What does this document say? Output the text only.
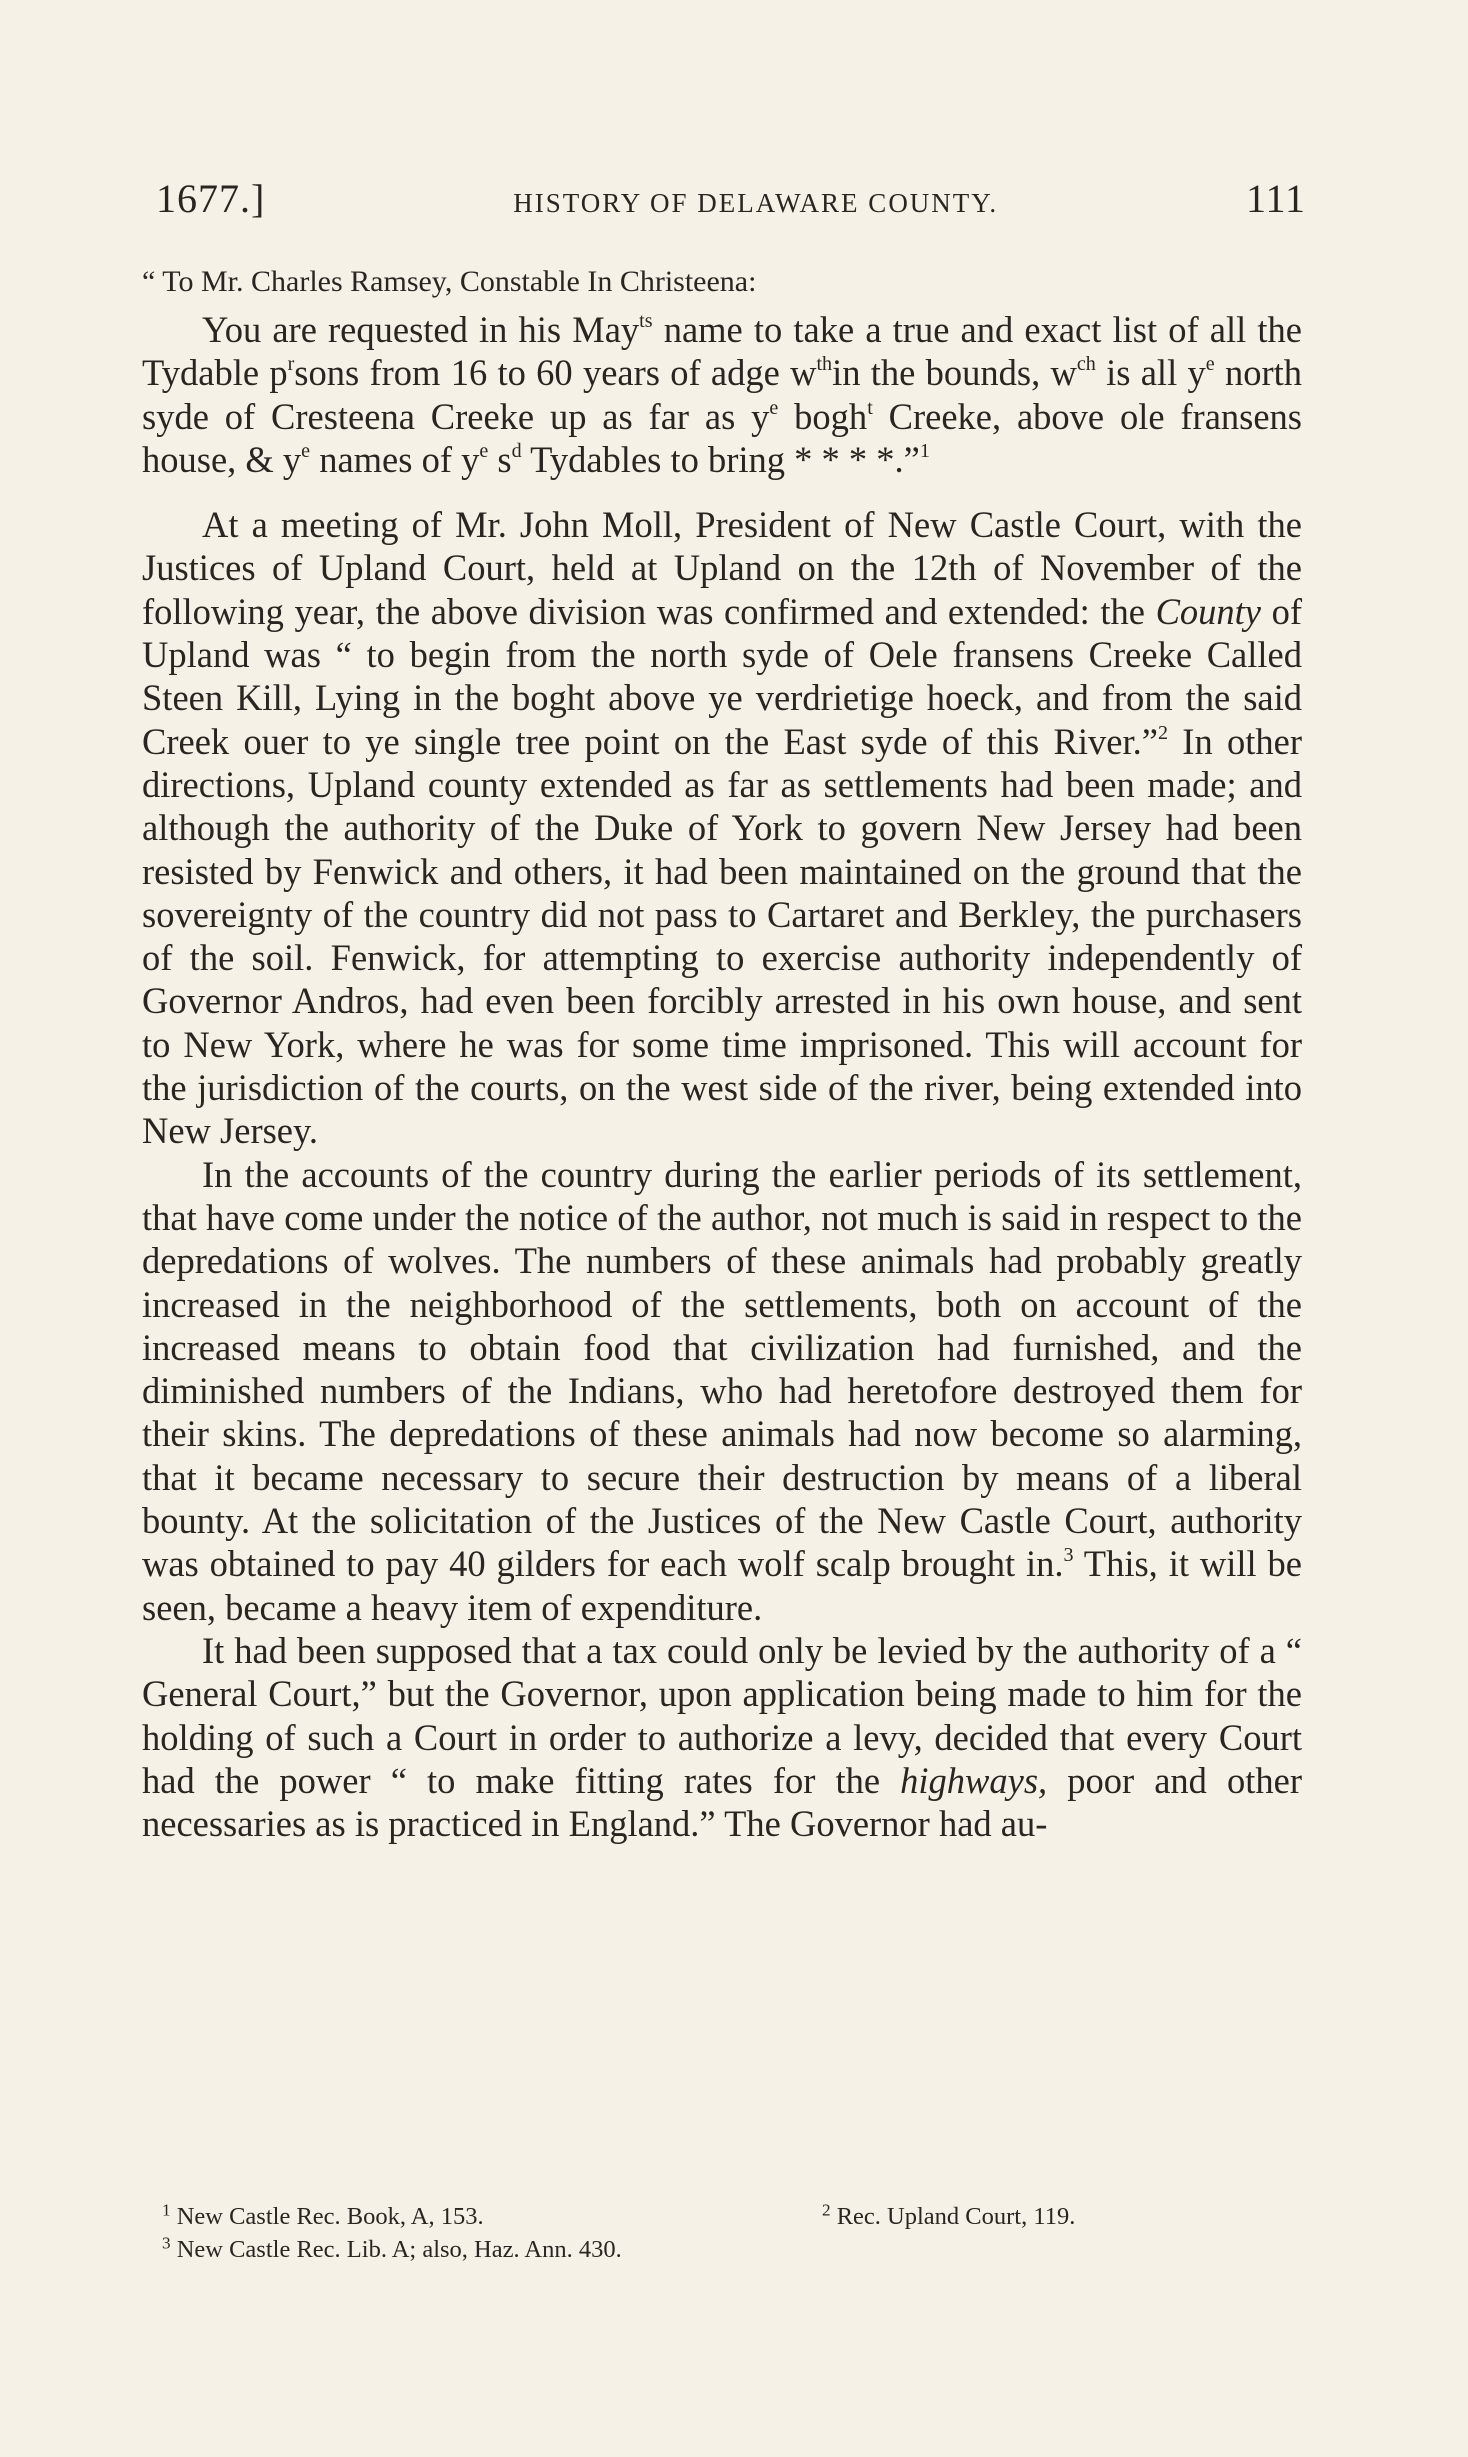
1677.]	HISTORY OF DELAWARE COUNTY.	111

“ To Mr. Charles Ramsey, Constable In Christeena:

You are requested in his May$^{ts}$ name to take a true and exact list of all the Tydable $p^rsons$ from 16 to 60 years of adge $w^{th}in$ the bounds, $w^{ch}$ is all $y^e$ north syde of Cresteena Creeke up as far as $y^e$ bogh$^t$ Creeke, above ole fransens house, & $y^e$ names of $y^e$ $s^d$ Tydables to bring * * * *.”$^1$

At a meeting of Mr. John Moll, President of New Castle Court, with the Justices of Upland Court, held at Upland on the 12th of November of the following year, the above division was confirmed and extended: the County of Upland was “ to begin from the north syde of Oele fransens Creeke Called Steen Kill, Lying in the boght above ye verdrietige hoeck, and from the said Creek ouer to ye single tree point on the East syde of this River.”$^2$ In other directions, Upland county extended as far as settlements had been made; and although the authority of the Duke of York to govern New Jersey had been resisted by Fenwick and others, it had been maintained on the ground that the sovereignty of the country did not pass to Cartaret and Berkley, the purchasers of the soil. Fenwick, for attempting to exercise authority independently of Governor Andros, had even been forcibly arrested in his own house, and sent to New York, where he was for some time imprisoned. This will account for the jurisdiction of the courts, on the west side of the river, being extended into New Jersey.

In the accounts of the country during the earlier periods of its settlement, that have come under the notice of the author, not much is said in respect to the depredations of wolves. The numbers of these animals had probably greatly increased in the neighborhood of the settlements, both on account of the increased means to obtain food that civilization had furnished, and the diminished numbers of the Indians, who had heretofore destroyed them for their skins. The depredations of these animals had now become so alarming, that it became necessary to secure their destruction by means of a liberal bounty. At the solicitation of the Justices of the New Castle Court, authority was obtained to pay 40 gilders for each wolf scalp brought in.$^3$ This, it will be seen, became a heavy item of expenditure.

It had been supposed that a tax could only be levied by the authority of a “ General Court,” but the Governor, upon application being made to him for the holding of such a Court in order to authorize a levy, decided that every Court had the power “ to make fitting rates for the highways, poor and other necessaries as is practiced in England.” The Governor had au-

$^1$ New Castle Rec. Book, A, 153.	$^2$ Rec. Upland Court, 119.
$^3$ New Castle Rec. Lib. A; also, Haz. Ann. 430.
